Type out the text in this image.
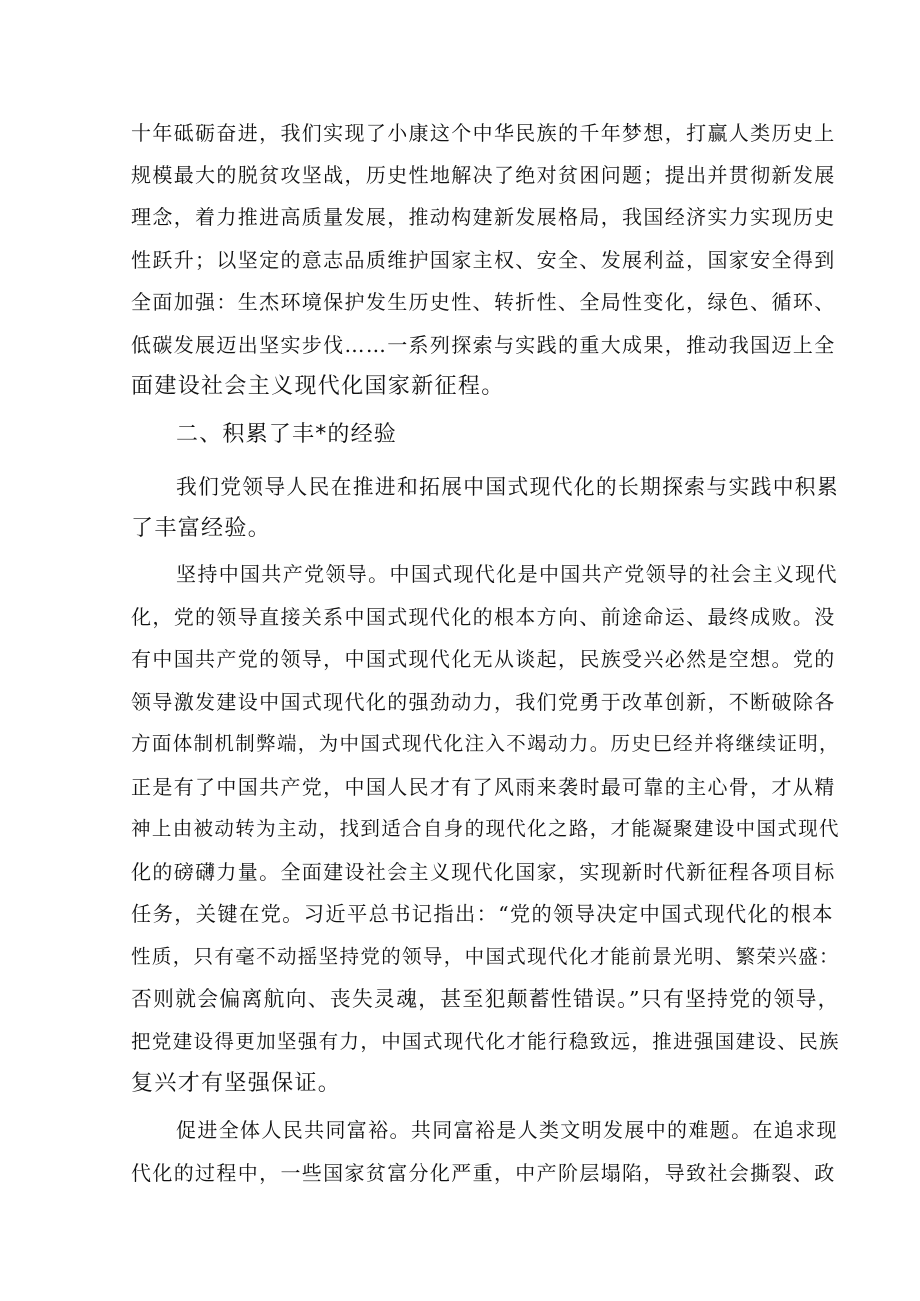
十年砥砺奋进，我们实现了小康这个中华民族的千年梦想，打赢人类历史上

规模最大的脱贫攻坚战，历史性地解决了绝对贫困问题；提出并贯彻新发展

理念，着力推进高质量发展，推动构建新发展格局，我国经济实力实现历史

性跃升；以坚定的意志品质维护国家主权、安全、发展利益，国家安全得到

全面加强：生杰环境保护发生历史性、转折性、全局性变化，绿色、循环、

低碳发展迈出坚实步伐……一系列探索与实践的重大成果，推动我国迈上全

面建设社会主义现代化国家新征程。

二、积累了丰*的经验

我们党领导人民在推进和拓展中国式现代化的长期探索与实践中积累

了丰富经验。

坚持中国共产党领导。中国式现代化是中国共产党领导的社会主义现代

化，党的领导直接关系中国式现代化的根本方向、前途命运、最终成败。没

有中国共产党的领导，中国式现代化无从谈起，民族受兴必然是空想。党的

领导激发建设中国式现代化的强劲动力，我们党勇于改革创新，不断破除各

方面体制机制弊端，为中国式现代化注入不竭动力。历史巳经并将继续证明，

正是有了中国共产党，中国人民才有了风雨来袭时最可靠的主心骨，才从精

神上由被动转为主动，找到适合自身的现代化之路，才能凝聚建设中国式现代

化的磅礴力量。全面建设社会主义现代化国家，实现新时代新征程各项目标

任务，关键在党。习近平总书记指出：“党的领导决定中国式现代化的根本

性质，只有毫不动摇坚持党的领导，中国式现代化才能前景光明、繁荣兴盛：

否则就会偏离航向、丧失灵魂，甚至犯颠蓄性错误。”只有坚持党的领导，

把党建设得更加坚强有力，中国式现代化才能行稳致远，推进强国建设、民族

复兴才有坚强保证。

促进全体人民共同富裕。共同富裕是人类文明发展中的难题。在追求现

代化的过程中，一些国家贫富分化严重，中产阶层塌陷，导致社会撕裂、政
